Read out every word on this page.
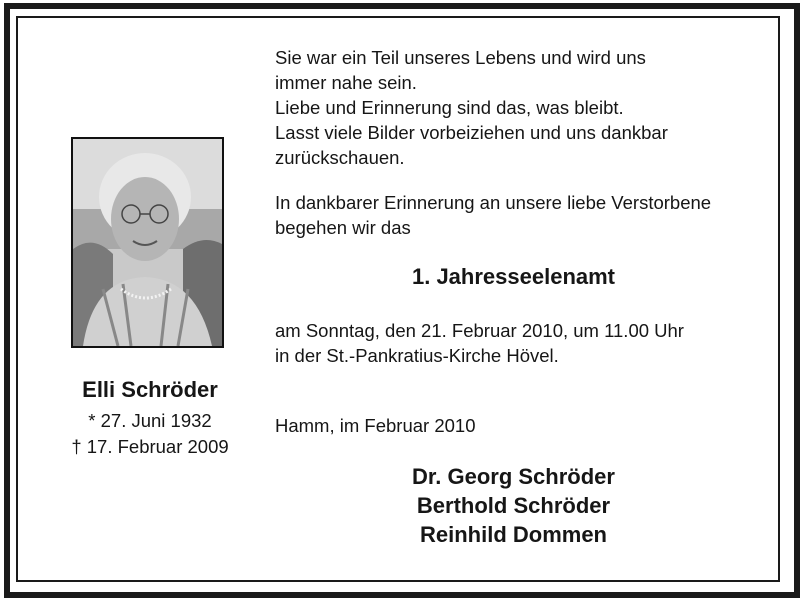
Elli Schröder
* 27. Juni 1932
† 17. Februar 2009
Sie war ein Teil unseres Lebens und wird uns
immer nahe sein.
Liebe und Erinnerung sind das, was bleibt.
Lasst viele Bilder vorbeiziehen und uns dankbar
zurückschauen.
In dankbarer Erinnerung an unsere liebe Verstorbene
begehen wir das
1. Jahresseelenamt
am Sonntag, den 21. Februar 2010, um 11.00 Uhr
in der St.-Pankratius-Kirche Hövel.
Hamm, im Februar 2010
Dr. Georg Schröder
Berthold Schröder
Reinhild Dommen
